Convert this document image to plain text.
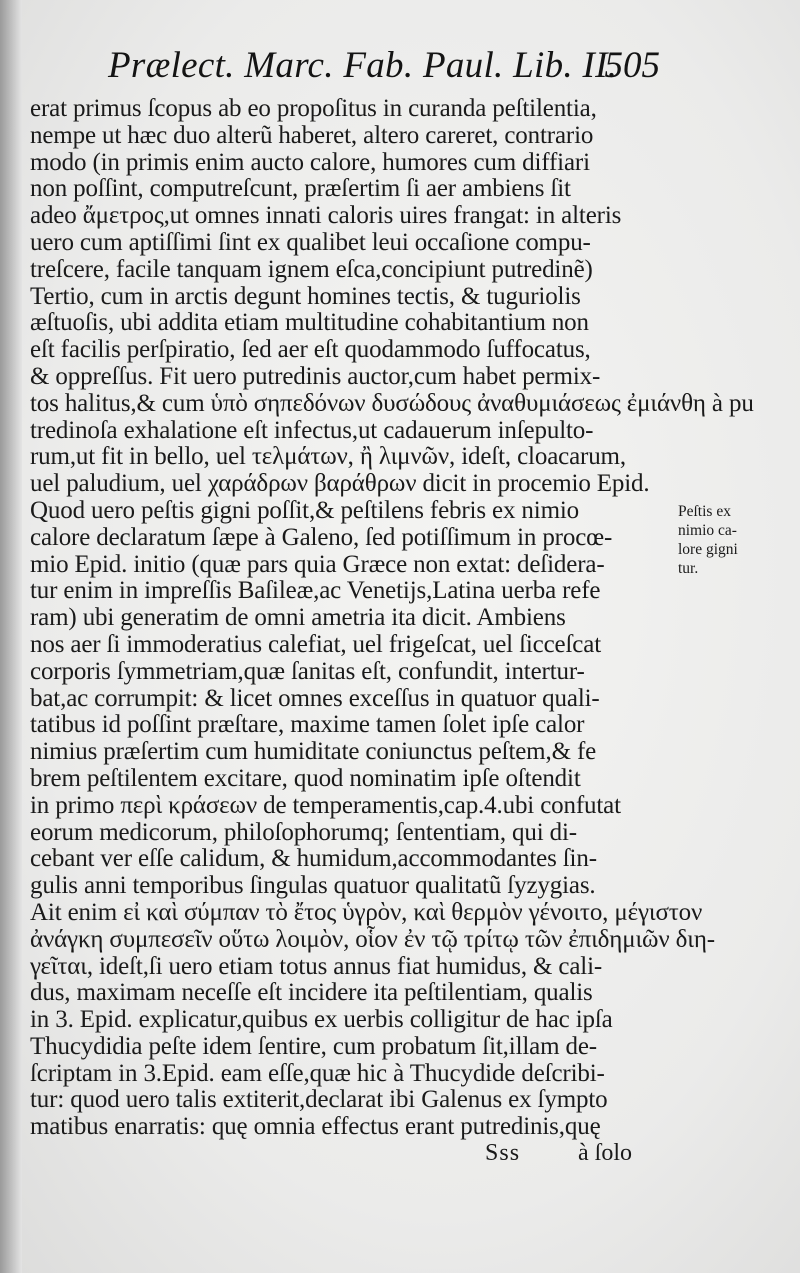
Prælect. Marc. Fab. Paul. Lib. II.
505
erat primus ſcopus ab eo propoſitus in curanda peſtilentia,
nempe ut hæc duo alterũ haberet, altero careret, contrario
modo (in primis enim aucto calore, humores cum diffiari
non poſſint, computreſcunt, præſertim ſi aer ambiens ſit
adeo ἄμετρος,ut omnes innati caloris uires frangat: in alteris
uero cum aptiſſimi ſint ex qualibet leui occaſione compu-
treſcere, facile tanquam ignem eſca,concipiunt putredinẽ)
Tertio, cum in arctis degunt homines tectis, & tuguriolis
æſtuoſis, ubi addita etiam multitudine cohabitantium non
eſt facilis perſpiratio, ſed aer eſt quodammodo ſuffocatus,
& oppreſſus. Fit uero putredinis auctor,cum habet permix-
tos halitus,& cum ὑπὸ σηπεδόνων δυσώδους ἀναθυμιάσεως ἐμιάνθη à pu
tredinoſa exhalatione eſt infectus,ut cadauerum inſepulto-
rum,ut fit in bello, uel τελμάτων, ἢ λιμνῶν, ideſt, cloacarum,
uel paludium, uel χαράδρων βαράθρων dicit in procemio Epid.
Quod uero peſtis gigni poſſit,& peſtilens febris ex nimio
calore declaratum ſæpe à Galeno, ſed potiſſimum in procœ-
mio Epid. initio (quæ pars quia Græce non extat: deſidera-
tur enim in impreſſis Baſileæ,ac Venetijs,Latina uerba refe
ram) ubi generatim de omni ametria ita dicit. Ambiens
nos aer ſi immoderatius calefiat, uel frigeſcat, uel ſicceſcat
corporis ſymmetriam,quæ ſanitas eſt, confundit, intertur-
bat,ac corrumpit: & licet omnes exceſſus in quatuor quali-
tatibus id poſſint præſtare, maxime tamen ſolet ipſe calor
nimius præſertim cum humiditate coniunctus peſtem,& fe
brem peſtilentem excitare, quod nominatim ipſe oſtendit
in primo περὶ κράσεων de temperamentis,cap.4.ubi confutat
eorum medicorum, philoſophorumq; ſententiam, qui di-
cebant ver eſſe calidum, & humidum,accommodantes ſin-
gulis anni temporibus ſingulas quatuor qualitatũ ſyzygias.
Ait enim εἰ καὶ σύμπαν τὸ ἔτος ὑγρὸν, καὶ θερμὸν γένοιτο, μέγιστον
ἀνάγκη συμπεσεῖν οὕτω λοιμὸν, οἷον ἐν τῷ τρίτῳ τῶν ἐπιδημιῶν διη-
γεῖται, ideſt,ſi uero etiam totus annus fiat humidus, & cali-
dus, maximam neceſſe eſt incidere ita peſtilentiam, qualis
in 3. Epid. explicatur,quibus ex uerbis colligitur de hac ipſa
Thucydidia peſte idem ſentire, cum probatum ſit,illam de-
ſcriptam in 3.Epid. eam eſſe,quæ hic à Thucydide deſcribi-
tur: quod uero talis extiterit,declarat ibi Galenus ex ſympto
matibus enarratis: quę omnia effectus erant putredinis,quę
Peſtis ex
nimio ca-
lore gigni
tur.
Sss à ſolo
